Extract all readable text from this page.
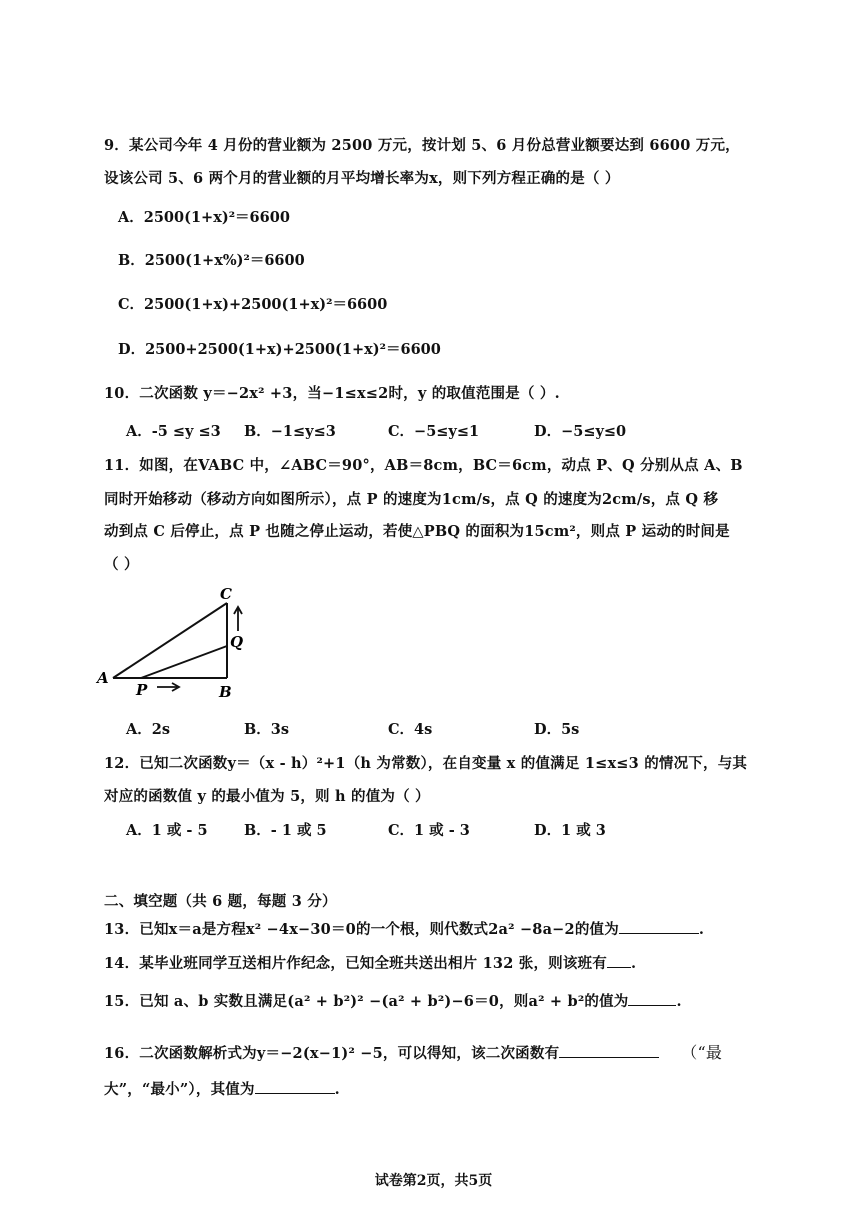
9．某公司今年 4 月份的营业额为 2500 万元，按计划 5、6 月份总营业额要达到 6600 万元，
设该公司 5、6 两个月的营业额的月平均增长率为x，则下列方程正确的是（ ）
A．2500(1+x)²＝6600
B．2500(1+x%)²＝6600
C．2500(1+x)+2500(1+x)²＝6600
D．2500+2500(1+x)+2500(1+x)²＝6600
10．二次函数 y＝−2x² +3，当−1≤x≤2时，y 的取值范围是（ ）.
A．-5 ≤y ≤3 B．−1≤y≤3	C．−5≤y≤1	D．−5≤y≤0
11．如图，在VABC 中，∠ABC＝90°，AB＝8cm，BC＝6cm，动点 P、Q 分别从点 A、B
同时开始移动（移动方向如图所示），点 P 的速度为1cm/s，点 Q 的速度为2cm/s，点 Q 移
动到点 C 后停止，点 P 也随之停止运动，若使△PBQ 的面积为15cm²，则点 P 运动的时间是
（ ）
A
B
C
P
Q
A．2s	B．3s	C．4s	D．5s
12．已知二次函数y＝（x - h）²+1（h 为常数），在自变量 x 的值满足 1≤x≤3 的情况下，与其
对应的函数值 y 的最小值为 5，则 h 的值为（ ）
A．1 或 - 5	B．- 1 或 5	C．1 或 - 3	D．1 或 3
二、填空题（共 6 题，每题 3 分）
13．已知x＝a是方程x² −4x−30＝0的一个根，则代数式2a² −8a−2的值为	.
14．某毕业班同学互送相片作纪念，已知全班共送出相片 132 张，则该班有 .
15．已知 a、b 实数且满足(a² + b²)² −(a² + b²)−6＝0，则a² + b²的值为	.
16．二次函数解析式为y＝−2(x−1)² −5，可以得知，该二次函数有	（“最
大”，“最小”），其值为	.
试卷第2页，共5页
